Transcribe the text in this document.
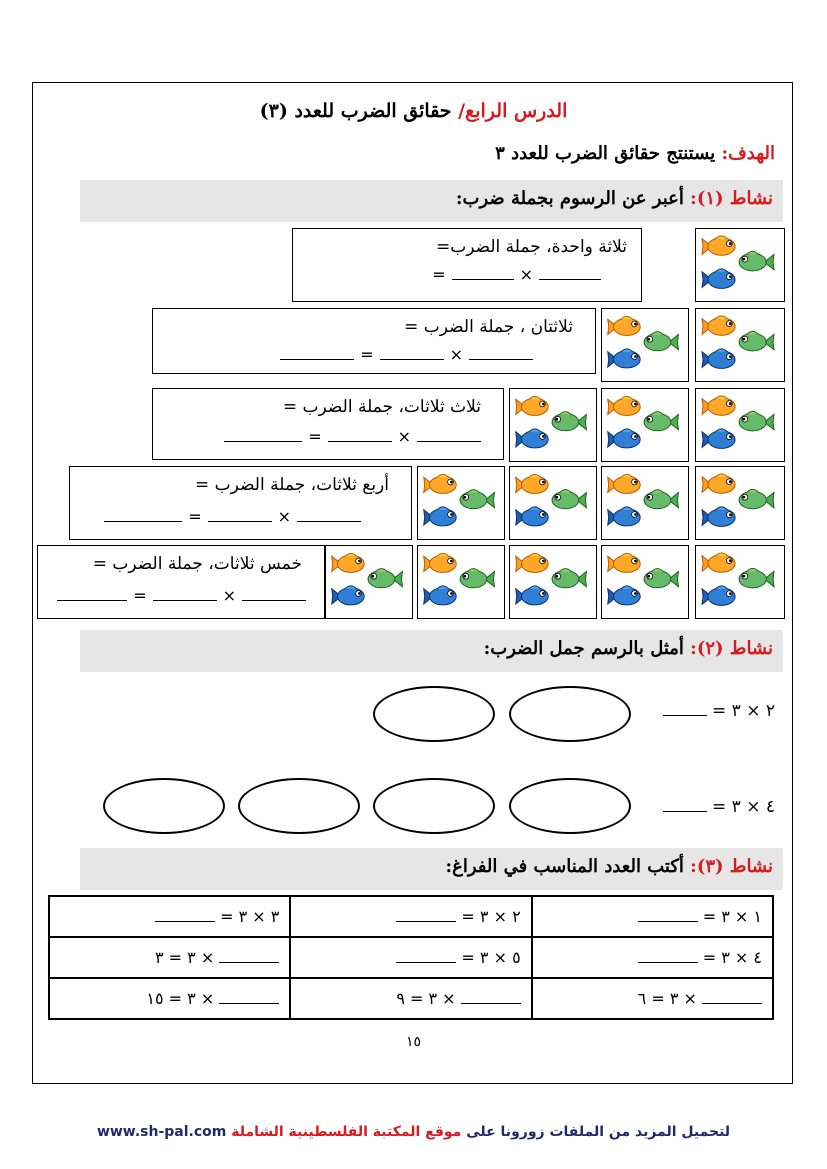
الدرس الرابع/ حقائق الضرب للعدد (٣)
الهدف: يستنتج حقائق الضرب للعدد ٣
نشاط (١): أعبر عن الرسوم بجملة ضرب:
ثلاثة واحدة، جملة الضرب=
×=
ثلاثتان ، جملة الضرب =
×=
ثلاث ثلاثات، جملة الضرب =
×=
أربع ثلاثات، جملة الضرب =
×=
خمس ثلاثات، جملة الضرب =
×=
نشاط (٢): أمثل بالرسم جمل الضرب:
٢ × ٣ =
٤ × ٣ =
نشاط (٣): أكتب العدد المناسب في الفراغ:
١ × ٣ =	٢ × ٣ =	٣ × ٣ =
٤ × ٣ =	٥ × ٣ =	× ٣ = ٣
× ٣ = ٦	× ٣ = ٩	× ٣ = ١٥
١٥
لتحميل المزيد من الملفات زورونا على موقع المكتبة الفلسطينية الشاملة www.sh-pal.com
